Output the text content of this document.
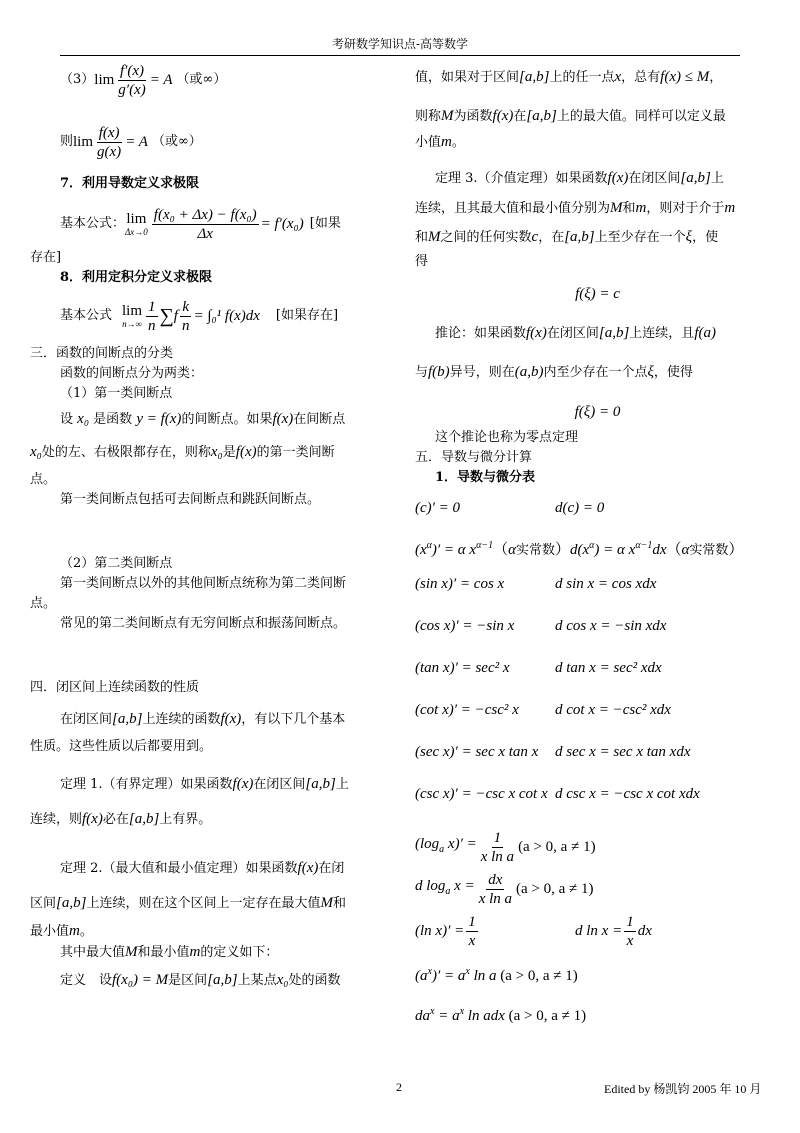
考研数学知识点-高等数学
（3） $\lim \frac{f'(x)}{g'(x)} = A$ （或∞）
则 $\lim \frac{f(x)}{g(x)} = A$ （或∞）

7．利用导数定义求极限

基本公式： lim
$\Delta x\to 0 \frac{\text{f(x₀ + Δx) − f(x₀)}}{\Delta x} = f'(x_0)$ [如果

存在]

8．利用定积分定义求极限

基本公式 lim
$n\to\infty \frac{1}{n}$ ∑ f $\frac{k}{n} = \int_0^1$ f(x)dx [如果存在]

三．函数的间断点的分类

函数的间断点分为两类：

（1）第一类间断点

设 x₀ 是函数 y = f(x)的间断点。如果f(x)在间断点

x₀处的左、右极限都存在，则称x₀是f(x)的第一类间断

点。

第一类间断点包括可去间断点和跳跃间断点。

（2）第二类间断点

第一类间断点以外的其他间断点统称为第二类间断

点。

常见的第二类间断点有无穷间断点和振荡间断点。

四．闭区间上连续函数的性质

在闭区间[a,b]上连续的函数f(x)，有以下几个基本

性质。这些性质以后都要用到。

定理 1.（有界定理）如果函数f(x)在闭区间[a,b]上

连续，则f(x)必在[a,b]上有界。

定理 2.（最大值和最小值定理）如果函数f(x)在闭

区间[a,b]上连续，则在这个区间上一定存在最大值M和

最小值m。

其中最大值M和最小值m的定义如下：

定义　设f(x₀) = M是区间[a,b]上某点x₀处的函数

值，如果对于区间[a,b]上的任一点x，总有f(x) ≤ M，

则称M为函数f(x)在[a,b]上的最大值。同样可以定义最

小值m。

定理 3.（介值定理）如果函数f(x)在闭区间[a,b]上

连续，且其最大值和最小值分别为M和m，则对于介于m

和M之间的任何实数c，在[a,b]上至少存在一个ξ，使

得

f(ξ) = c

推论：如果函数f(x)在闭区间[a,b]上连续，且f(a)

与f(b)异号，则在(a,b)内至少存在一个点ξ，使得

f(ξ) = 0

这个推论也称为零点定理

五．导数与微分计算

1．导数与微分表

(c)′ = 0	d(c) = 0
$(x^\alpha)' = \alpha$ $x^{\alpha-1}(\alpha$实常数）$d(x^\alpha) = \alpha$ $x^{\alpha-1}dx(\alpha$实常数）
(sin x)′ = cos x	d sin x = cos xdx
(cos x)′ = −sin x	d cos x = −sin xdx
(tan x)′ = sec² x	d tan x = sec² xdx
(cot x)′ = −csc² x d cot x = −csc² xdx
(sec x)′ = sec x tan x d sec x = sec x tan xdx
(csc x)′ = −csc x cot x d csc x = −csc x cot xdx
($\log_a$ $x)' = \frac{1}{\text{x ln a}} (a > 0$, a ≠ 1)
d $\log_a x = \frac{dx}{\text{x ln a}} (a > 0$, a ≠ 1)
(ln $x)' = \frac{1}{x}$	d $\ln x = \frac{1}{x}$ dx
$(a^x)' = a^x$ ln a (a > 0, a ≠ 1)
$da^x = a^x$ ln adx (a > 0, a ≠ 1)
2	Edited by 杨凯钧 2005 年 10 月
